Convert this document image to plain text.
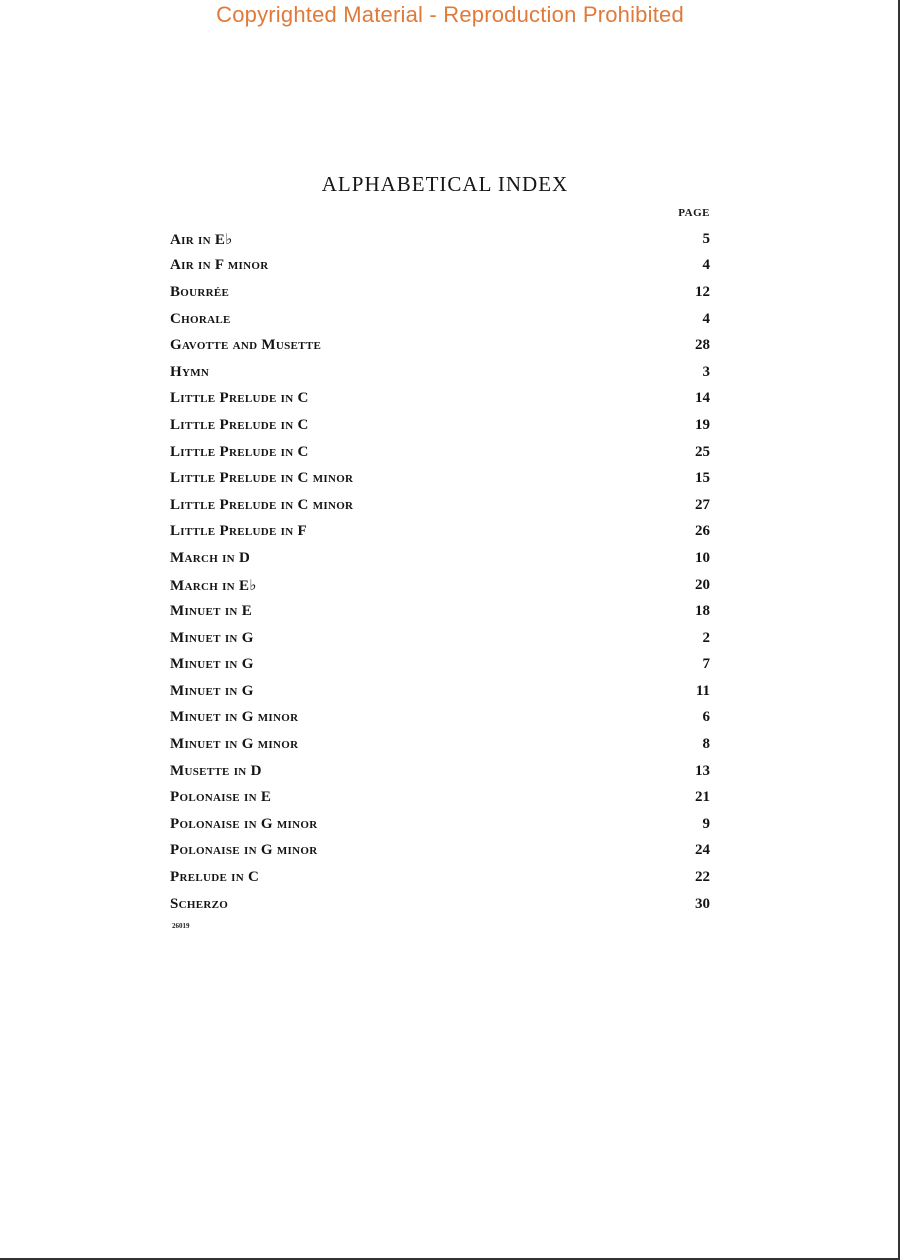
Copyrighted Material - Reproduction Prohibited
ALPHABETICAL INDEX
PAGE
Air in E♭	5
Air in F minor	4
Bourrée	12
Chorale	4
Gavotte and Musette	28
Hymn	3
Little Prelude in C	14
Little Prelude in C	19
Little Prelude in C	25
Little Prelude in C minor	15
Little Prelude in C minor	27
Little Prelude in F	26
March in D	10
March in E♭	20
Minuet in E	18
Minuet in G	2
Minuet in G	7
Minuet in G	11
Minuet in G minor	6
Minuet in G minor	8
Musette in D	13
Polonaise in E	21
Polonaise in G minor	9
Polonaise in G minor	24
Prelude in C	22
Scherzo	30
26019
